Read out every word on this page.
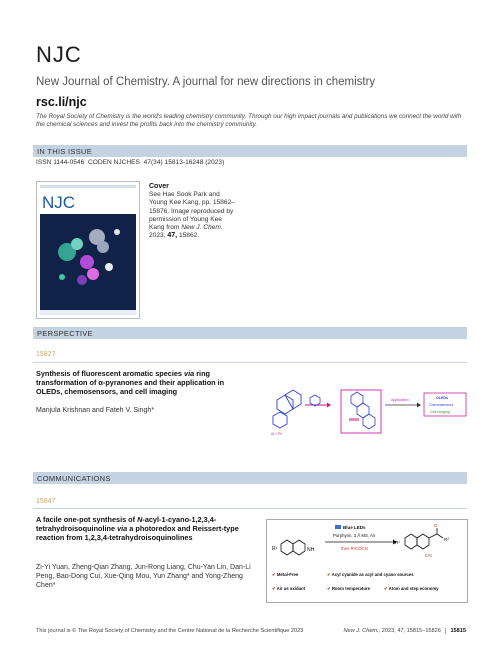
NJC
New Journal of Chemistry. A journal for new directions in chemistry
rsc.li/njc
The Royal Society of Chemistry is the world's leading chemistry community. Through our high impact journals and publications we connect the world with the chemical sciences and invest the profits back into the chemistry community.
IN THIS ISSUE
ISSN 1144-0546 CODEN NJCHES 47(34) 15813-16248 (2023)
NJC
Cover
See Hae Sook Park and Young Kee Kang, pp. 15862–15876. Image reproduced by permission of Young Kee Kang from New J. Chem. 2023, 47, 15862.
PERSPECTIVE
15827
Synthesis of fluorescent aromatic species via ring transformation of α-pyranones and their application in OLEDs, chemosensors, and cell imaging
Manjula Krishnan and Fateh V. Singh*
Ar = Ph
Application	OLEDs
Chemosensors
Cell imaging
COMMUNICATIONS
15847
A facile one-pot synthesis of N-acyl-1-cyano-1,2,3,4-tetrahydroisoquinoline via a photoredox and Reissert-type reaction from 1,2,3,4-tetrahydroisoquinolines
Zi-Yi Yuan, Zheng-Qian Zhang, Jun-Rong Liang, Chu-Yan Lin, Dan-Li Peng, Bao-Dong Cui, Xue-Qing Mou, Yun Zhang* and Yong-Zheng Chen*
R¹	NH
Blue LEDs
Porphyrin, 3 Å MS, Air
then R²COCN
R¹
R²
O
CN
✔ Metal-Free	✔ Acyl cyanide as acyl and cyano sources
✔ Air as oxidant	✔ Room temperature	✔ Atom and step economy
This journal is © The Royal Society of Chemistry and the Centre National de la Recherche Scientifique 2023	New J. Chem., 2023, 47, 15815–15826 15815
